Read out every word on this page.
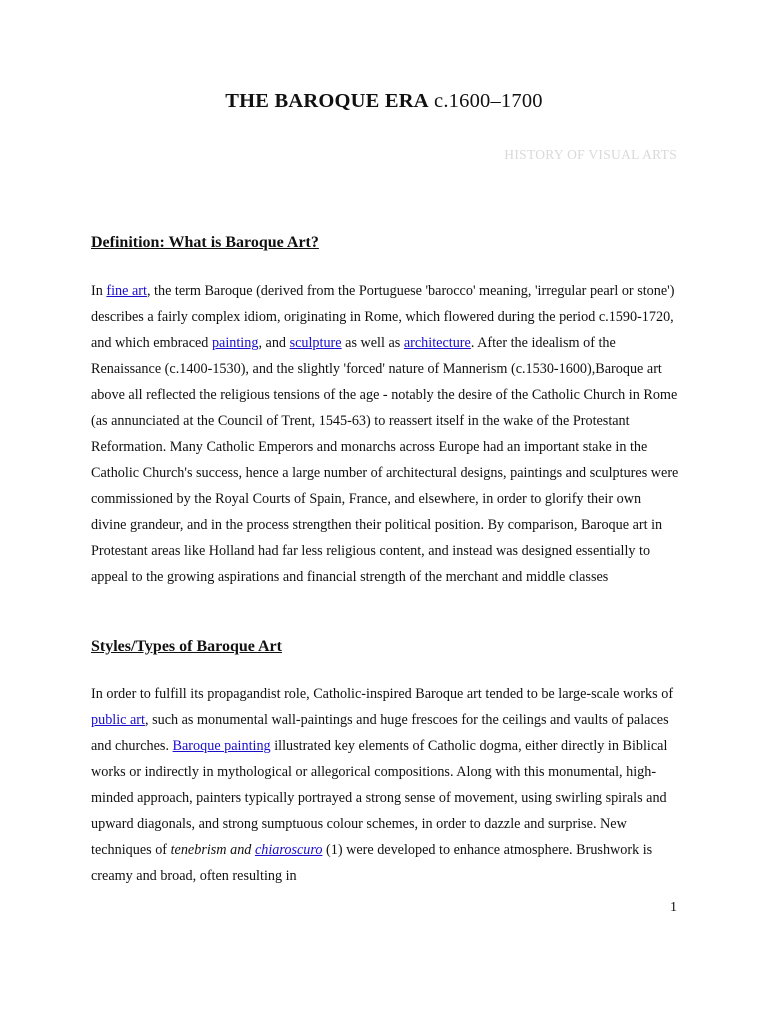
THE BAROQUE ERA c.1600–1700
HISTORY OF VISUAL ARTS
Definition: What is Baroque Art?
In fine art, the term Baroque (derived from the Portuguese 'barocco' meaning, 'irregular pearl or stone') describes a fairly complex idiom, originating in Rome, which flowered during the period c.1590-1720, and which embraced painting, and sculpture as well as architecture. After the idealism of the Renaissance (c.1400-1530), and the slightly 'forced' nature of Mannerism (c.1530-1600),Baroque art above all reflected the religious tensions of the age - notably the desire of the Catholic Church in Rome (as annunciated at the Council of Trent, 1545-63) to reassert itself in the wake of the Protestant Reformation. Many Catholic Emperors and monarchs across Europe had an important stake in the Catholic Church's success, hence a large number of architectural designs, paintings and sculptures were commissioned by the Royal Courts of Spain, France, and elsewhere, in order to glorify their own divine grandeur, and in the process strengthen their political position. By comparison, Baroque art in Protestant areas like Holland had far less religious content, and instead was designed essentially to appeal to the growing aspirations and financial strength of the merchant and middle classes
Styles/Types of Baroque Art
In order to fulfill its propagandist role, Catholic-inspired Baroque art tended to be large-scale works of public art, such as monumental wall-paintings and huge frescoes for the ceilings and vaults of palaces and churches. Baroque painting illustrated key elements of Catholic dogma, either directly in Biblical works or indirectly in mythological or allegorical compositions. Along with this monumental, high-minded approach, painters typically portrayed a strong sense of movement, using swirling spirals and upward diagonals, and strong sumptuous colour schemes, in order to dazzle and surprise. New techniques of tenebrism and chiaroscuro (1) were developed to enhance atmosphere. Brushwork is creamy and broad, often resulting in
1
